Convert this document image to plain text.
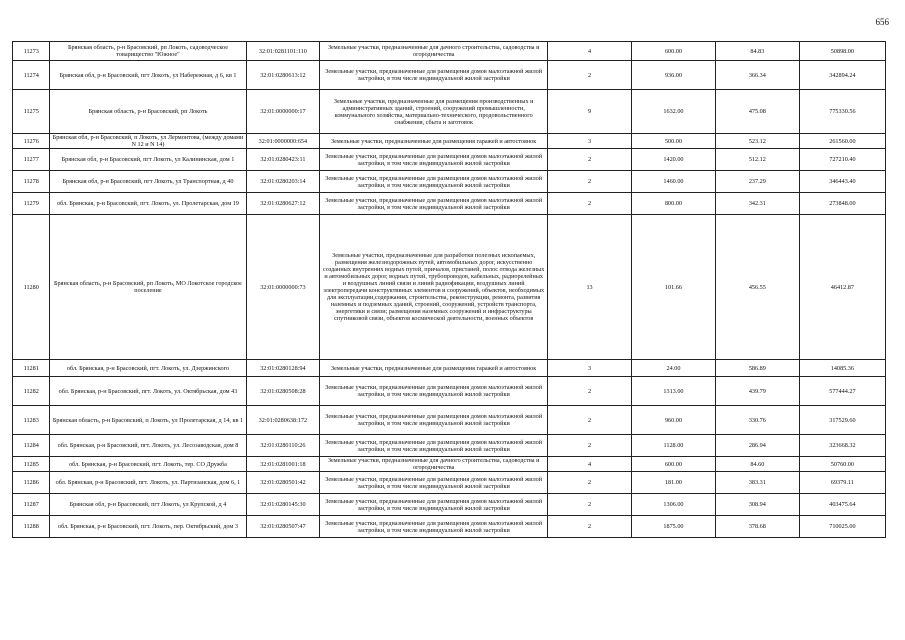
656
11273	Брянская область, р-н Брасовский, рп Локоть, садоводческое товарищество "Южное"	32:01:0281101:110	Земельные участки, предназначенные для дачного строительства, садоводства и огородничества	4	600.00	84.83	50898.00
11274	Брянская обл, р-н Брасовский, пгт Локоть, ул Набережная, д 6, кв 1	32:01:0280613:12	Земельные участки, предназначенные для размещения домов малоэтажной жилой застройки, в том числе индивидуальной жилой застройки	2	936.00	366.34	342894.24
11275	Брянская область, р-н Брасовский, рп Локоть	32:01:0000000:17	Земельные участки, предназначенные для размещения производственных и административных зданий, строений, сооружений промышленности, коммунального хозяйства, материально-технического, продовольственного снабжения, сбыта и заготовок	9	1632.00	475.08	775330.56
11276	Брянская обл, р-н Брасовский, п Локоть, ул Лермонтова, (между домами N 12 и N 14)	32:01:0000000:654	Земельные участки, предназначенные для размещения гаражей и автостоянок	3	500.00	523.12	261560.00
11277	Брянская обл, р-н Брасовский, пгт Локоть, ул Калининская, дом 1	32:01:0280423:11	Земельные участки, предназначенные для размещения домов малоэтажной жилой застройки, в том числе индивидуальной жилой застройки	2	1420.00	512.12	727210.40
11278	Брянская обл, р-н Брасовский, пгт Локоть, ул Транспортная, д 40	32:01:0280203:14	Земельные участки, предназначенные для размещения домов малоэтажной жилой застройки, в том числе индивидуальной жилой застройки	2	1460.00	237.29	346443.40
11279	обл. Брянская, р-н Брасовский, пгт. Локоть, ул. Пролетарская, дом 19	32:01:0280627:12	Земельные участки, предназначенные для размещения домов малоэтажной жилой застройки, в том числе индивидуальной жилой застройки	2	800.00	342.31	273848.00
11280	Брянская область, р-н Брасовский, рп Локоть, МО Локотское городское поселение	32:01:0000000:73	Земельные участки, предназначенные для разработки полезных ископаемых, размещения железнодорожных путей, автомобильных дорог, искусственно созданных внутренних водных путей, причалов, пристаней, полос отвода железных и автомобильных дорог, водных путей, трубопроводов, кабельных, радиорелейных и воздушных линий связи и линий радиофикации, воздушных линий электропередачи конструктивных элементов и сооружений, объектов, необходимых для эксплуатации,содержания, строительства, реконструкции, ремонта, развития наземных и подземных зданий, строений, сооружений, устройств транспорта, энергетики и связи; размещения наземных сооружений и инфраструктуры спутниковой связи, объектов космической деятельности, военных объектов	13	101.66	456.55	46412.87
11281	обл. Брянская, р-н Брасовский, пгт. Локоть, ул. Дзержинского	32:01:0280128:94	Земельные участки, предназначенные для размещения гаражей и автостоянок	3	24.00	586.89	14085.36
11282	обл. Брянская, р-н Брасовский, пгт. Локоть, ул. Октябрьская, дом 43	32:01:0280508:28	Земельные участки, предназначенные для размещения домов малоэтажной жилой застройки, в том числе индивидуальной жилой застройки	2	1313.00	439.79	577444.27
11283	Брянская область, р-н Брасовский, п Локоть, ул Пролетарская, д 14, кв 1	32:01:0280638:172	Земельные участки, предназначенные для размещения домов малоэтажной жилой застройки, в том числе индивидуальной жилой застройки	2	960.00	330.76	317529.60
11284	обл. Брянская, р-н Брасовский, пгт. Локоть, ул. Лесозаводская, дом 8	32:01:0280110:26	Земельные участки, предназначенные для размещения домов малоэтажной жилой застройки, в том числе индивидуальной жилой застройки	2	1128.00	286.94	323668.32
11285	обл. Брянская, р-н Брасовский, пгт. Локоть, тер. СО Дружба	32:01:0281001:18	Земельные участки, предназначенные для дачного строительства, садоводства и огородничества	4	600.00	84.60	50760.00
11286	обл. Брянская, р-н Брасовский, пгт. Локоть, ул. Партизанская, дом 6, 1	32:01:0280501:42	Земельные участки, предназначенные для размещения домов малоэтажной жилой застройки, в том числе индивидуальной жилой застройки	2	181.00	383.31	69379.11
11287	Брянская обл, р-н Брасовский, пгт Локоть, ул Крупской, д 4	32:01:0280145:30	Земельные участки, предназначенные для размещения домов малоэтажной жилой застройки, в том числе индивидуальной жилой застройки	2	1306.00	308.94	403475.64
11288	обл. Брянская, р-н Брасовский, пгт. Локоть, пер. Октябрьский, дом 3	32:01:0280507:47	Земельные участки, предназначенные для размещения домов малоэтажной жилой застройки, в том числе индивидуальной жилой застройки	2	1875.00	378.68	710025.00
